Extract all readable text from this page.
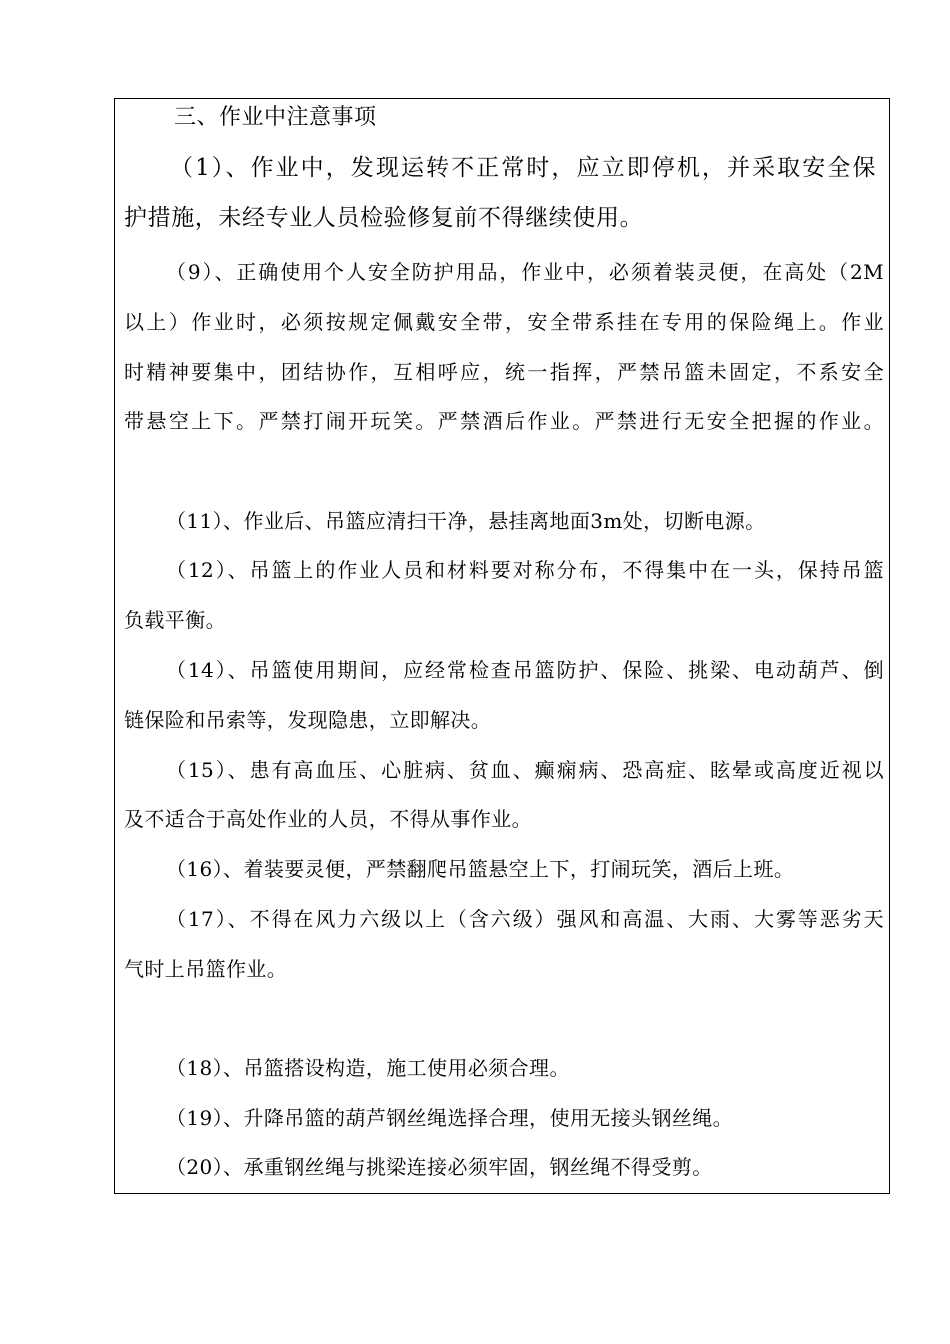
三、作业中注意事项
（1）、作业中，发现运转不正常时，应立即停机，并采取安全保
护措施，未经专业人员检验修复前不得继续使用。
（9）、正确使用个人安全防护用品，作业中，必须着装灵便，在高处（2M
以上）作业时，必须按规定佩戴安全带，安全带系挂在专用的保险绳上。作业
时精神要集中，团结协作，互相呼应，统一指挥，严禁吊篮未固定，不系安全
带悬空上下。严禁打闹开玩笑。严禁酒后作业。严禁进行无安全把握的作业。
（11）、作业后、吊篮应清扫干净，悬挂离地面3m处，切断电源。
（12）、吊篮上的作业人员和材料要对称分布，不得集中在一头，保持吊篮
负载平衡。
（14）、吊篮使用期间，应经常检查吊篮防护、保险、挑梁、电动葫芦、倒
链保险和吊索等，发现隐患，立即解决。
（15）、患有高血压、心脏病、贫血、癫痫病、恐高症、眩晕或高度近视以
及不适合于高处作业的人员，不得从事作业。
（16）、着装要灵便，严禁翻爬吊篮悬空上下，打闹玩笑，酒后上班。
（17）、不得在风力六级以上（含六级）强风和高温、大雨、大雾等恶劣天
气时上吊篮作业。
（18）、吊篮搭设构造，施工使用必须合理。
（19）、升降吊篮的葫芦钢丝绳选择合理，使用无接头钢丝绳。
（20）、承重钢丝绳与挑梁连接必须牢固，钢丝绳不得受剪。
